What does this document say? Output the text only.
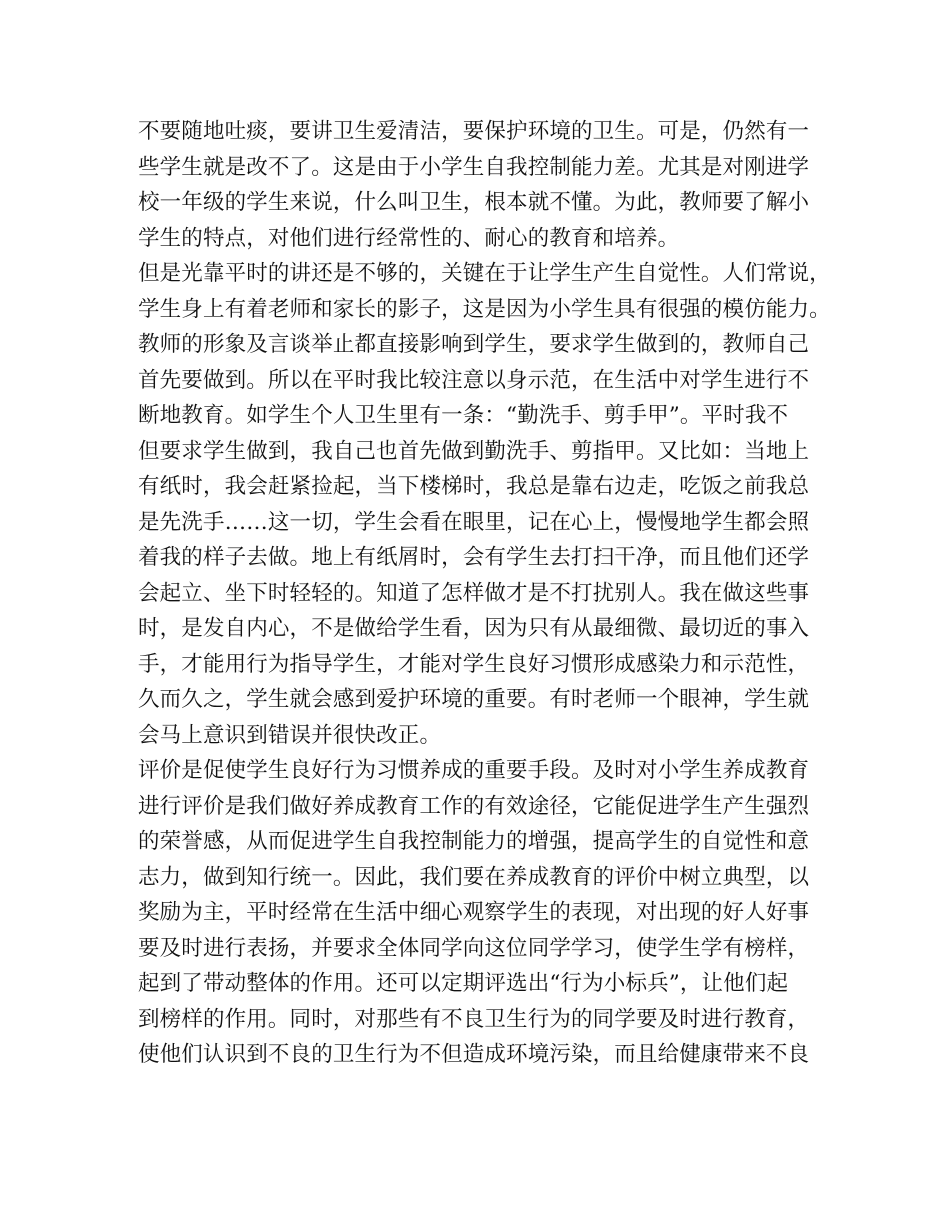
不要随地吐痰，要讲卫生爱清洁，要保护环境的卫生。可是，仍然有一
些学生就是改不了。这是由于小学生自我控制能力差。尤其是对刚进学
校一年级的学生来说，什么叫卫生，根本就不懂。为此，教师要了解小
学生的特点，对他们进行经常性的、耐心的教育和培养。
但是光靠平时的讲还是不够的，关键在于让学生产生自觉性。人们常说，
学生身上有着老师和家长的影子，这是因为小学生具有很强的模仿能力。
教师的形象及言谈举止都直接影响到学生，要求学生做到的，教师自己
首先要做到。所以在平时我比较注意以身示范，在生活中对学生进行不
断地教育。如学生个人卫生里有一条：“勤洗手、剪手甲”。平时我不
但要求学生做到，我自己也首先做到勤洗手、剪指甲。又比如：当地上
有纸时，我会赶紧捡起，当下楼梯时，我总是靠右边走，吃饭之前我总
是先洗手……这一切，学生会看在眼里，记在心上，慢慢地学生都会照
着我的样子去做。地上有纸屑时，会有学生去打扫干净，而且他们还学
会起立、坐下时轻轻的。知道了怎样做才是不打扰别人。我在做这些事
时，是发自内心，不是做给学生看，因为只有从最细微、最切近的事入
手，才能用行为指导学生，才能对学生良好习惯形成感染力和示范性，
久而久之，学生就会感到爱护环境的重要。有时老师一个眼神，学生就
会马上意识到错误并很快改正。
评价是促使学生良好行为习惯养成的重要手段。及时对小学生养成教育
进行评价是我们做好养成教育工作的有效途径，它能促进学生产生强烈
的荣誉感，从而促进学生自我控制能力的增强，提高学生的自觉性和意
志力，做到知行统一。因此，我们要在养成教育的评价中树立典型，以
奖励为主，平时经常在生活中细心观察学生的表现，对出现的好人好事
要及时进行表扬，并要求全体同学向这位同学学习，使学生学有榜样，
起到了带动整体的作用。还可以定期评选出“行为小标兵”，让他们起
到榜样的作用。同时，对那些有不良卫生行为的同学要及时进行教育，
使他们认识到不良的卫生行为不但造成环境污染，而且给健康带来不良
